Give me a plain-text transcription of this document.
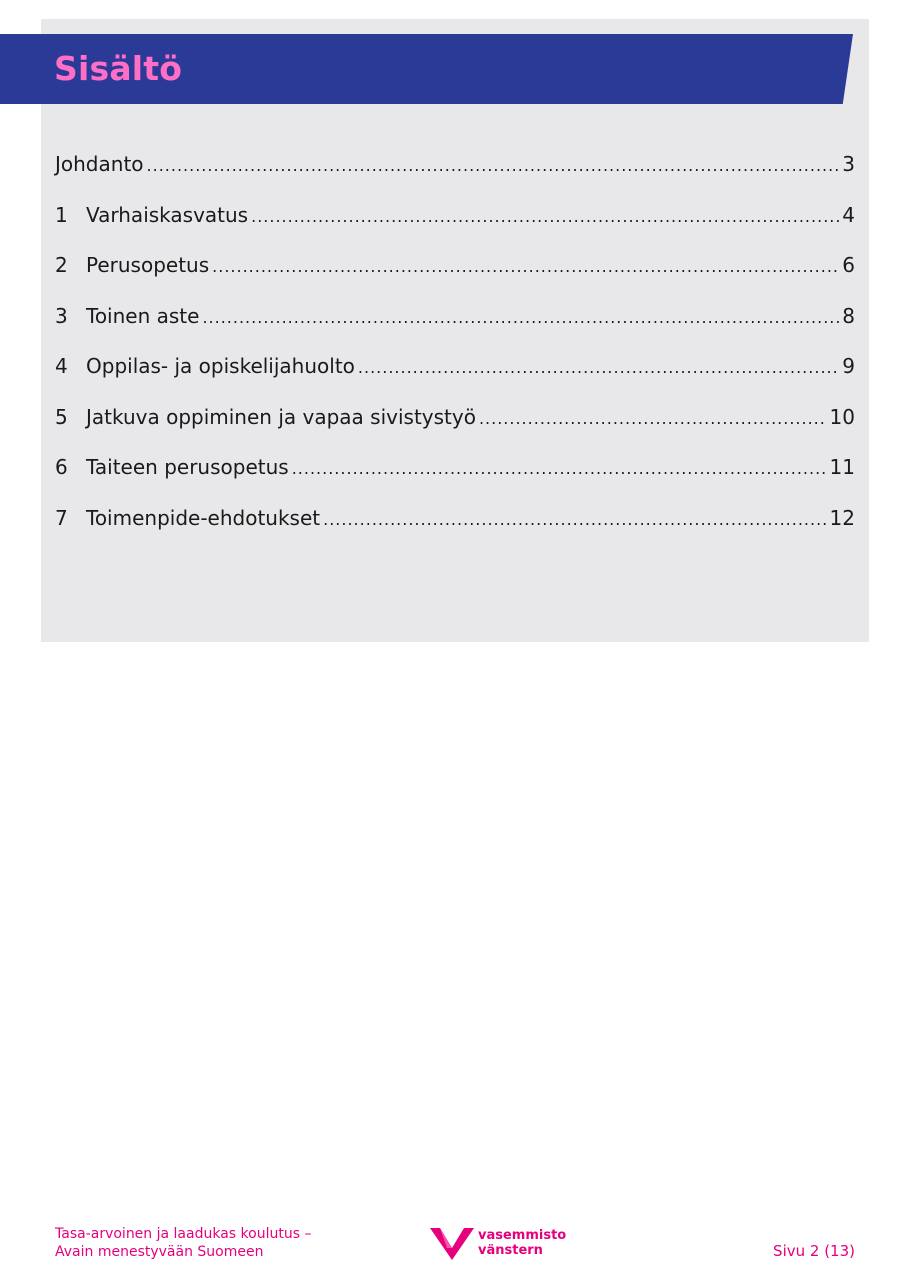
Sisältö
Johdanto .....	3
1 Varhaiskasvatus .....	4
2 Perusopetus .....	6
3 Toinen aste .....	8
4 Oppilas- ja opiskelijahuolto .....	9
5 Jatkuva oppiminen ja vapaa sivistystyö .....	10
6 Taiteen perusopetus .....	11
7 Toimenpide-ehdotukset .....	12
Tasa-arvoinen ja laadukas koulutus –
Avain menestyvään Suomeen
vasemmisto
vänstern	Sivu 2 (13)
